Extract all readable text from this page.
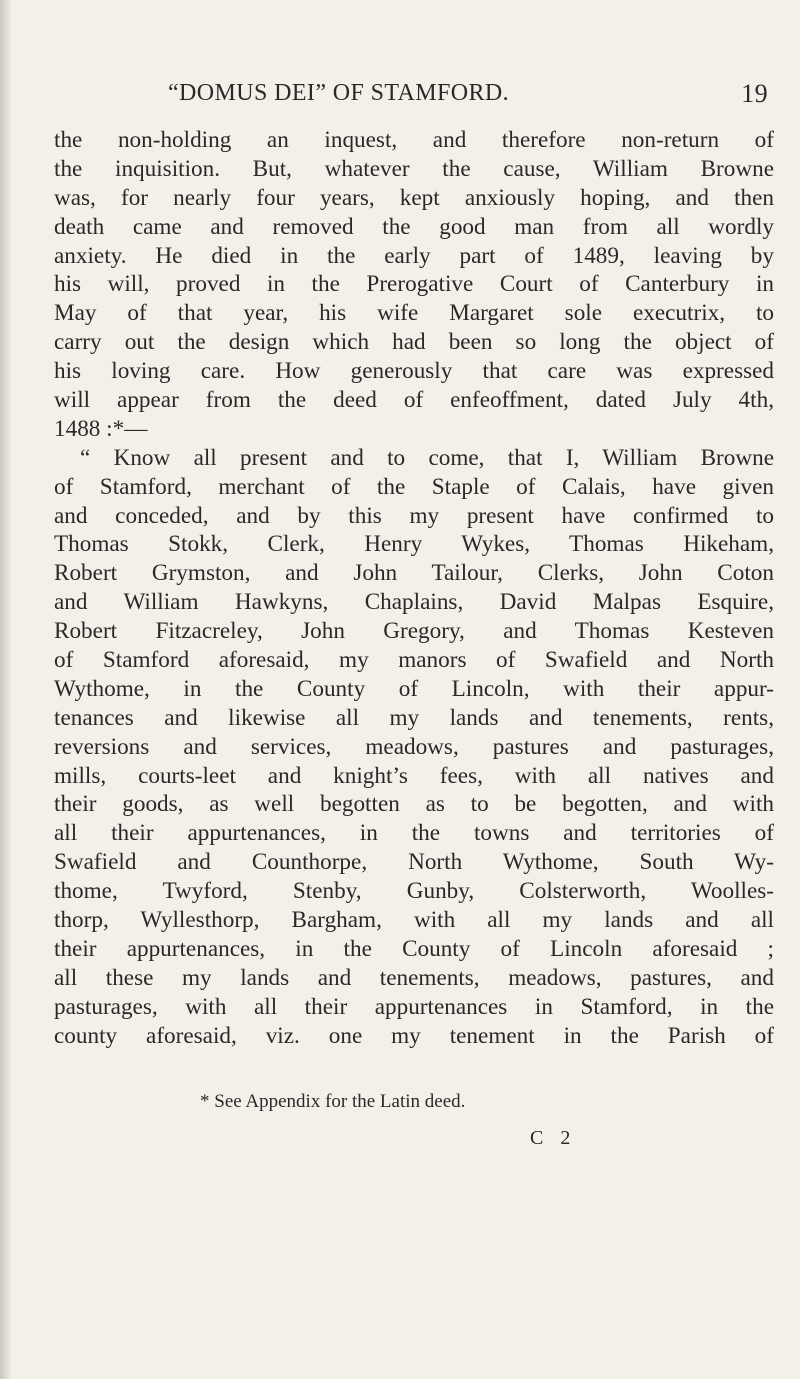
“DOMUS DEI” OF STAMFORD.	19
the non-holding an inquest, and therefore non-return of
the inquisition. But, whatever the cause, William Browne
was, for nearly four years, kept anxiously hoping, and then
death came and removed the good man from all wordly
anxiety. He died in the early part of 1489, leaving by
his will, proved in the Prerogative Court of Canterbury in
May of that year, his wife Margaret sole executrix, to
carry out the design which had been so long the object of
his loving care. How generously that care was expressed
will appear from the deed of enfeoffment, dated July 4th,
1488 :*—
“ Know all present and to come, that I, William Browne
of Stamford, merchant of the Staple of Calais, have given
and conceded, and by this my present have confirmed to
Thomas Stokk, Clerk, Henry Wykes, Thomas Hikeham,
Robert Grymston, and John Tailour, Clerks, John Coton
and William Hawkyns, Chaplains, David Malpas Esquire,
Robert Fitzacreley, John Gregory, and Thomas Kesteven
of Stamford aforesaid, my manors of Swafield and North
Wythome, in the County of Lincoln, with their appur-
tenances and likewise all my lands and tenements, rents,
reversions and services, meadows, pastures and pasturages,
mills, courts-leet and knight’s fees, with all natives and
their goods, as well begotten as to be begotten, and with
all their appurtenances, in the towns and territories of
Swafield and Counthorpe, North Wythome, South Wy-
thome, Twyford, Stenby, Gunby, Colsterworth, Woolles-
thorp, Wyllesthorp, Bargham, with all my lands and all
their appurtenances, in the County of Lincoln aforesaid ;
all these my lands and tenements, meadows, pastures, and
pasturages, with all their appurtenances in Stamford, in the
county aforesaid, viz. one my tenement in the Parish of
* See Appendix for the Latin deed.
C 2
